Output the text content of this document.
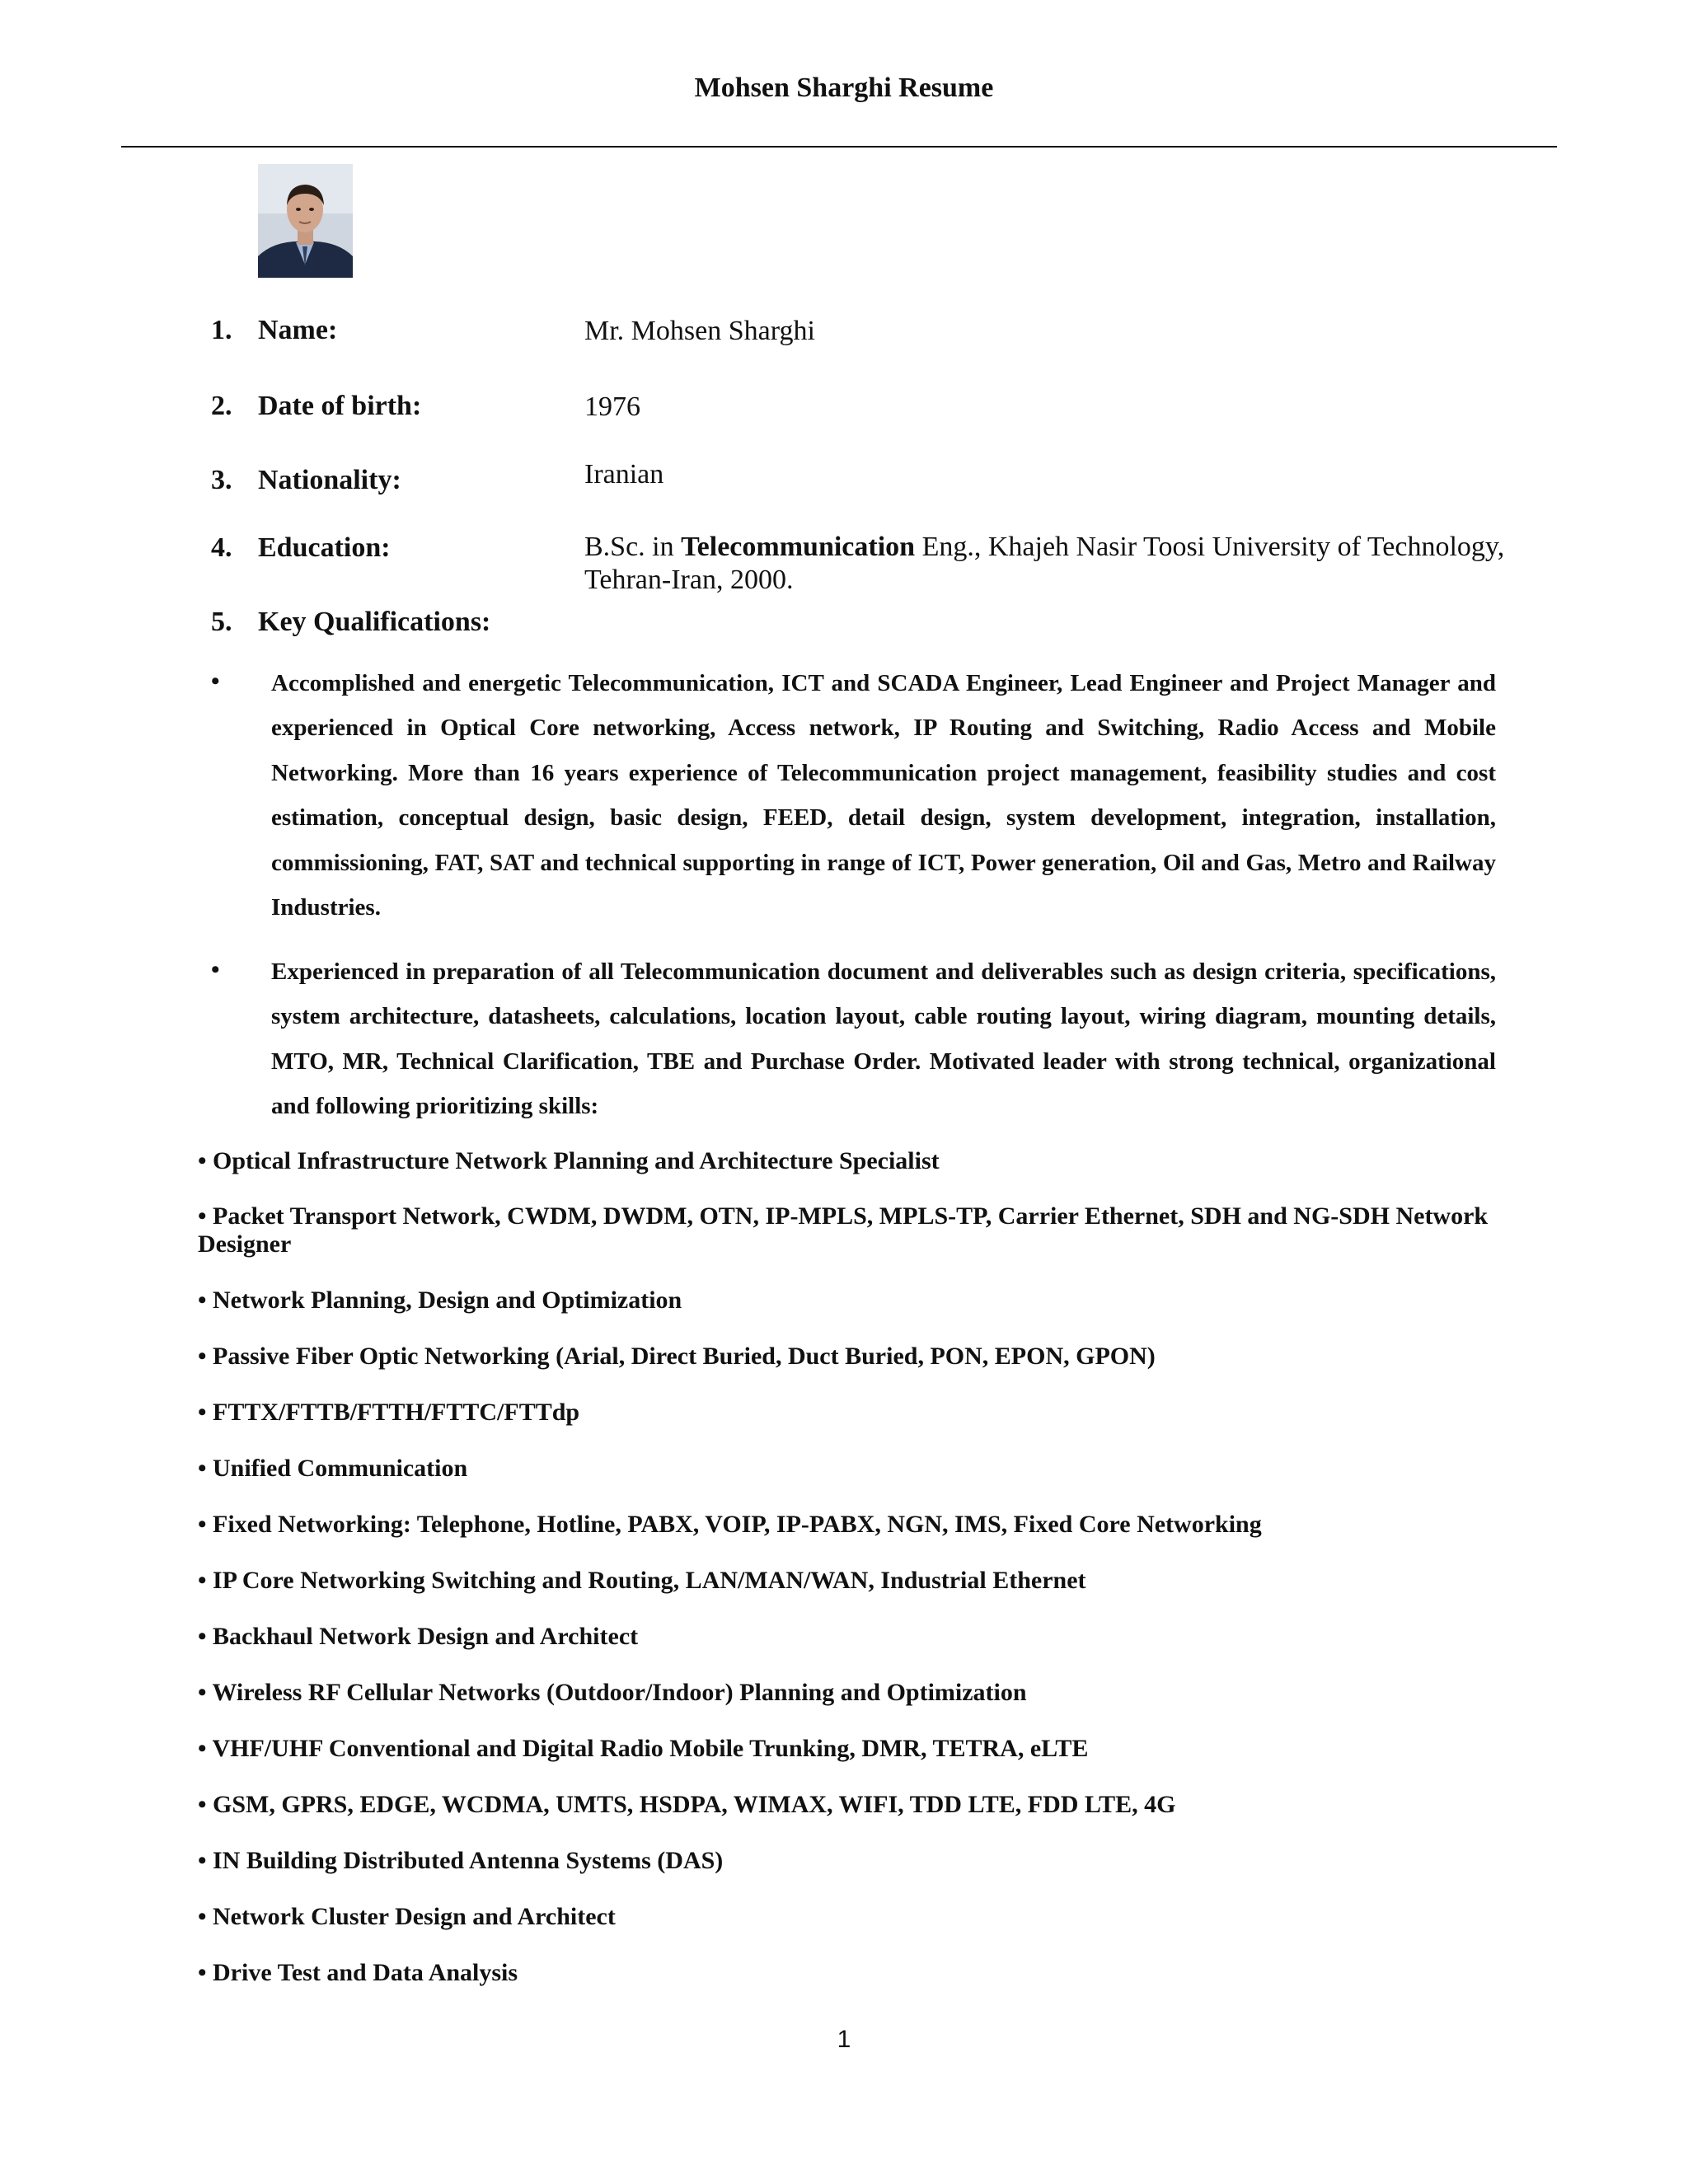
Mohsen Sharghi Resume
1. Name:	Mr. Mohsen Sharghi
2. Date of birth:	1976
3. Nationality:	Iranian
4. Education:	B.Sc. in Telecommunication Eng., Khajeh Nasir Toosi University of Technology, Tehran-Iran, 2000.
5. Key Qualifications:
• Accomplished and energetic Telecommunication, ICT and SCADA Engineer, Lead Engineer and Project Manager and experienced in Optical Core networking, Access network, IP Routing and Switching, Radio Access and Mobile Networking. More than 16 years experience of Telecommunication project management, feasibility studies and cost estimation, conceptual design, basic design, FEED, detail design, system development, integration, installation, commissioning, FAT, SAT and technical supporting in range of ICT, Power generation, Oil and Gas, Metro and Railway Industries.
• Experienced in preparation of all Telecommunication document and deliverables such as design criteria, specifications, system architecture, datasheets, calculations, location layout, cable routing layout, wiring diagram, mounting details, MTO, MR, Technical Clarification, TBE and Purchase Order. Motivated leader with strong technical, organizational and following prioritizing skills:
• Optical Infrastructure Network Planning and Architecture Specialist
• Packet Transport Network, CWDM, DWDM, OTN, IP-MPLS, MPLS-TP, Carrier Ethernet, SDH and NG-SDH Network Designer
• Network Planning, Design and Optimization
• Passive Fiber Optic Networking (Arial, Direct Buried, Duct Buried, PON, EPON, GPON)
• FTTX/FTTB/FTTH/FTTC/FTTdp
• Unified Communication
• Fixed Networking: Telephone, Hotline, PABX, VOIP, IP-PABX, NGN, IMS, Fixed Core Networking
• IP Core Networking Switching and Routing, LAN/MAN/WAN, Industrial Ethernet
• Backhaul Network Design and Architect
• Wireless RF Cellular Networks (Outdoor/Indoor) Planning and Optimization
• VHF/UHF Conventional and Digital Radio Mobile Trunking, DMR, TETRA, eLTE
• GSM, GPRS, EDGE, WCDMA, UMTS, HSDPA, WIMAX, WIFI, TDD LTE, FDD LTE, 4G
• IN Building Distributed Antenna Systems (DAS)
• Network Cluster Design and Architect
• Drive Test and Data Analysis
1
